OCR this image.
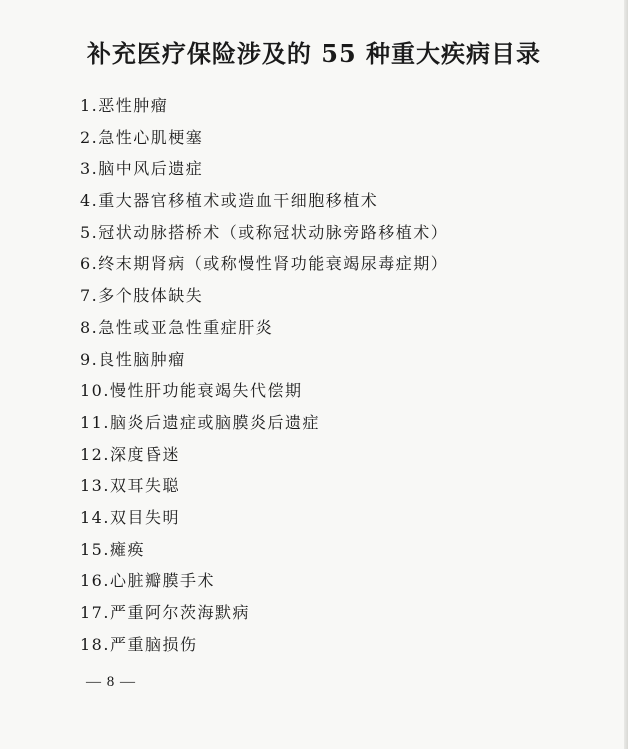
补充医疗保险涉及的 55 种重大疾病目录
1.恶性肿瘤
2.急性心肌梗塞
3.脑中风后遗症
4.重大器官移植术或造血干细胞移植术
5.冠状动脉搭桥术（或称冠状动脉旁路移植术）
6.终末期肾病（或称慢性肾功能衰竭尿毒症期）
7.多个肢体缺失
8.急性或亚急性重症肝炎
9.良性脑肿瘤
10.慢性肝功能衰竭失代偿期
11.脑炎后遗症或脑膜炎后遗症
12.深度昏迷
13.双耳失聪
14.双目失明
15.瘫痪
16.心脏瓣膜手术
17.严重阿尔茨海默病
18.严重脑损伤
— 8 —
